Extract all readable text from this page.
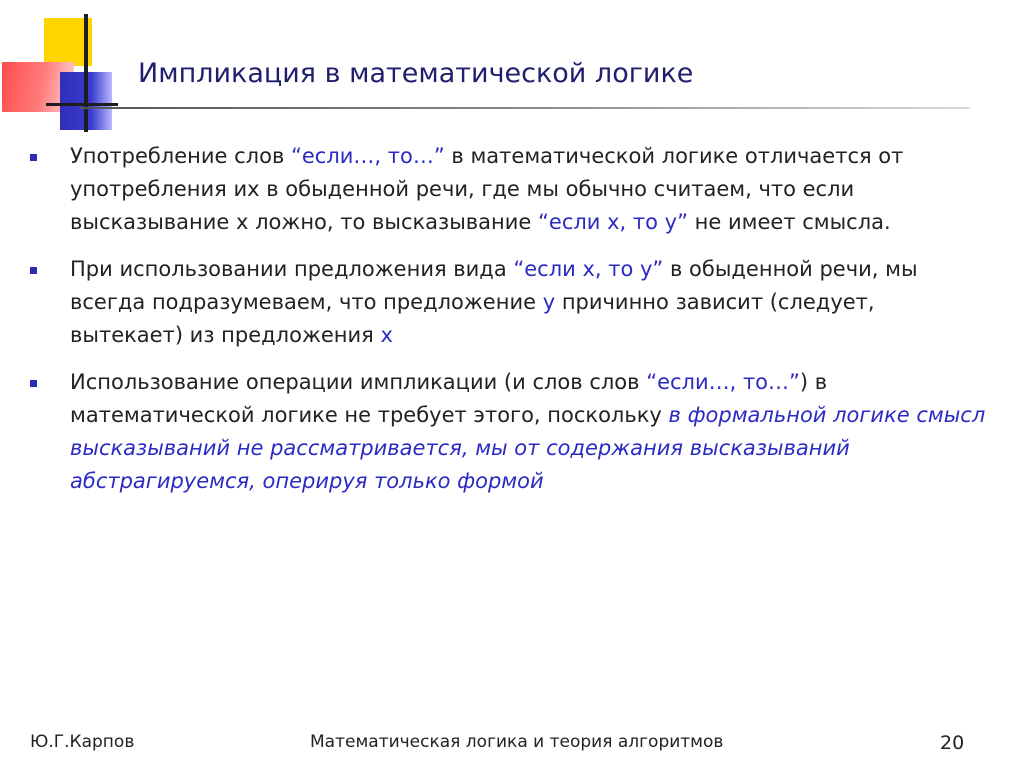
Импликация в математической логике
Употребление слов “если…, то…” в математической логике отличается от употребления их в обыденной речи, где мы обычно считаем, что если высказывание х ложно, то высказывание “если х, то у” не имеет смысла.
При использовании предложения вида “если х, то у” в обыденной речи, мы всегда подразумеваем, что предложение у причинно зависит (следует, вытекает) из предложения х
Использование операции импликации (и слов слов “если…, то…”) в математической логике не требует этого, поскольку в формальной логике смысл высказываний не рассматривается, мы от содержания высказываний абстрагируемся, оперируя только формой
Ю.Г.Карпов	Математическая логика и теория алгоритмов	20
